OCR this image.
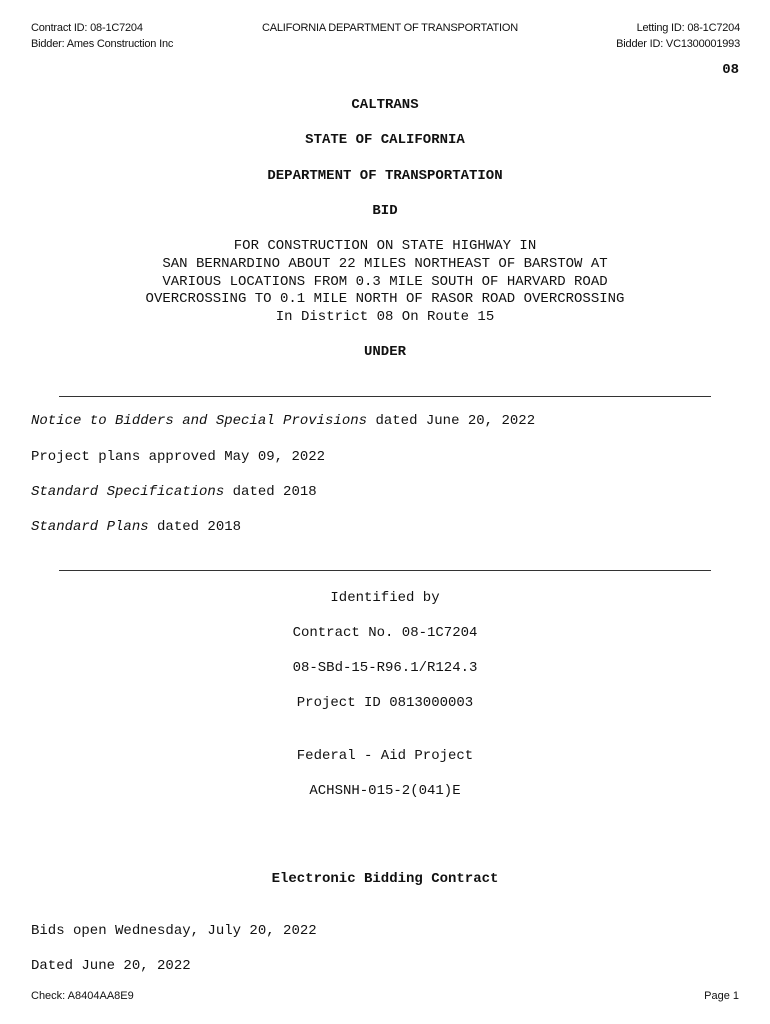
Contract ID: 08-1C7204
Bidder: Ames Construction Inc
CALIFORNIA DEPARTMENT OF TRANSPORTATION	Letting ID: 08-1C7204
Bidder ID: VC1300001993
08
CALTRANS
STATE OF CALIFORNIA
DEPARTMENT OF TRANSPORTATION
BID
FOR CONSTRUCTION ON STATE HIGHWAY IN
SAN BERNARDINO ABOUT 22 MILES NORTHEAST OF BARSTOW AT
VARIOUS LOCATIONS FROM 0.3 MILE SOUTH OF HARVARD ROAD
OVERCROSSING TO 0.1 MILE NORTH OF RASOR ROAD OVERCROSSING
In District 08 On Route 15
UNDER
Notice to Bidders and Special Provisions dated June 20, 2022
Project plans approved May 09, 2022
Standard Specifications dated 2018
Standard Plans dated 2018
Identified by
Contract No. 08-1C7204
08-SBd-15-R96.1/R124.3
Project ID 0813000003
Federal - Aid Project
ACHSNH-015-2(041)E
Electronic Bidding Contract
Bids open Wednesday, July 20, 2022
Dated June 20, 2022
Check: A8404AA8E9	Page 1
